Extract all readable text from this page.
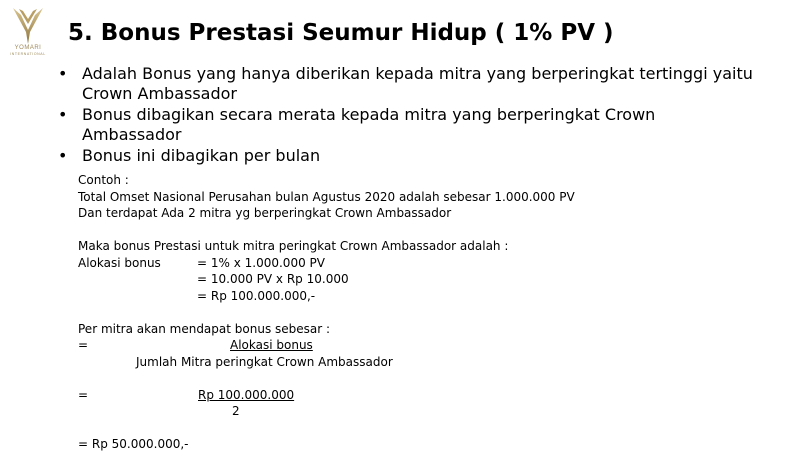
YOMARI
INTERNATIONAL
5. Bonus Prestasi Seumur Hidup ( 1% PV )
• Adalah Bonus yang hanya diberikan kepada mitra yang berperingkat tertinggi yaitu Crown Ambassador
• Bonus dibagikan secara merata kepada mitra yang berperingkat Crown Ambassador
• Bonus ini dibagikan per bulan
Contoh :
Total Omset Nasional Perusahan bulan Agustus 2020 adalah sebesar 1.000.000 PV
Dan terdapat Ada 2 mitra yg berperingkat Crown Ambassador
Maka bonus Prestasi untuk mitra peringkat Crown Ambassador adalah :
Alokasi bonus	= 1% x 1.000.000 PV
= 10.000 PV x Rp 10.000
= Rp 100.000.000,-
Per mitra akan mendapat bonus sebesar :
=	Alokasi bonus
Jumlah Mitra peringkat Crown Ambassador
=	Rp 100.000.000
2
= Rp 50.000.000,-
